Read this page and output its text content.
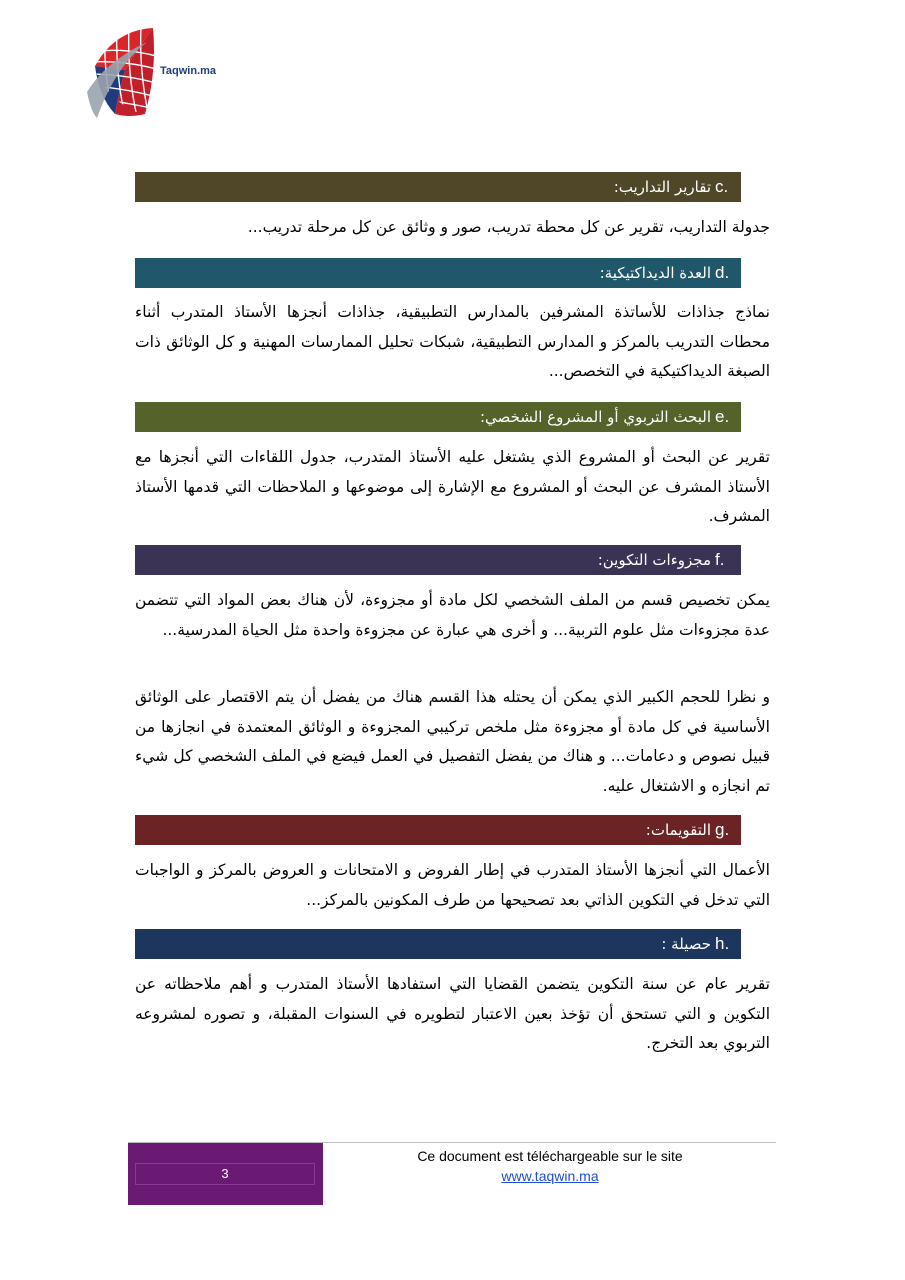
Taqwin.ma
c.
تقارير التداريب:
جدولة التداريب، تقرير عن كل محطة تدريب، صور و وثائق عن كل مرحلة تدريب...
d.
العدة الديداكتيكية:
نماذج جذاذات للأساتذة المشرفين بالمدارس التطبيقية، جذاذات أنجزها الأستاذ المتدرب أثناء محطات التدريب بالمركز و المدارس التطبيقية، شبكات تحليل الممارسات المهنية و كل الوثائق ذات الصبغة الديداكتيكية في التخصص...
e.
البحث التربوي أو المشروع الشخصي:
تقرير عن البحث أو المشروع الذي يشتغل عليه الأستاذ المتدرب، جدول اللقاءات التي أنجزها مع الأستاذ المشرف عن البحث أو المشروع مع الإشارة إلى موضوعها و الملاحظات التي قدمها الأستاذ المشرف.
f.
مجزوءات التكوين:
يمكن تخصيص قسم من الملف الشخصي لكل مادة أو مجزوءة، لأن هناك بعض المواد التي تتضمن عدة مجزوءات مثل علوم التربية... و أخرى هي عبارة عن مجزوءة واحدة مثل الحياة المدرسية...
و نظرا للحجم الكبير الذي يمكن أن يحتله هذا القسم هناك من يفضل أن يتم الاقتصار على الوثائق الأساسية في كل مادة أو مجزوءة مثل ملخص تركيبي المجزوءة و الوثائق المعتمدة في انجازها من قبيل نصوص و دعامات... و هناك من يفضل التفصيل في العمل فيضع في الملف الشخصي كل شيء تم انجازه و الاشتغال عليه.
g.
التقويمات:
الأعمال التي أنجزها الأستاذ المتدرب في إطار الفروض و الامتحانات و العروض بالمركز و الواجبات التي تدخل في التكوين الذاتي بعد تصحيحها من طرف المكونين بالمركز...
h.
حصيلة :
تقرير عام عن سنة التكوين يتضمن القضايا التي استفادها الأستاذ المتدرب و أهم ملاحظاته عن التكوين و التي تستحق أن تؤخذ بعين الاعتبار لتطويره في السنوات المقبلة، و تصوره لمشروعه التربوي بعد التخرج.
3
Ce document est téléchargeable sur le site
www.taqwin.ma
